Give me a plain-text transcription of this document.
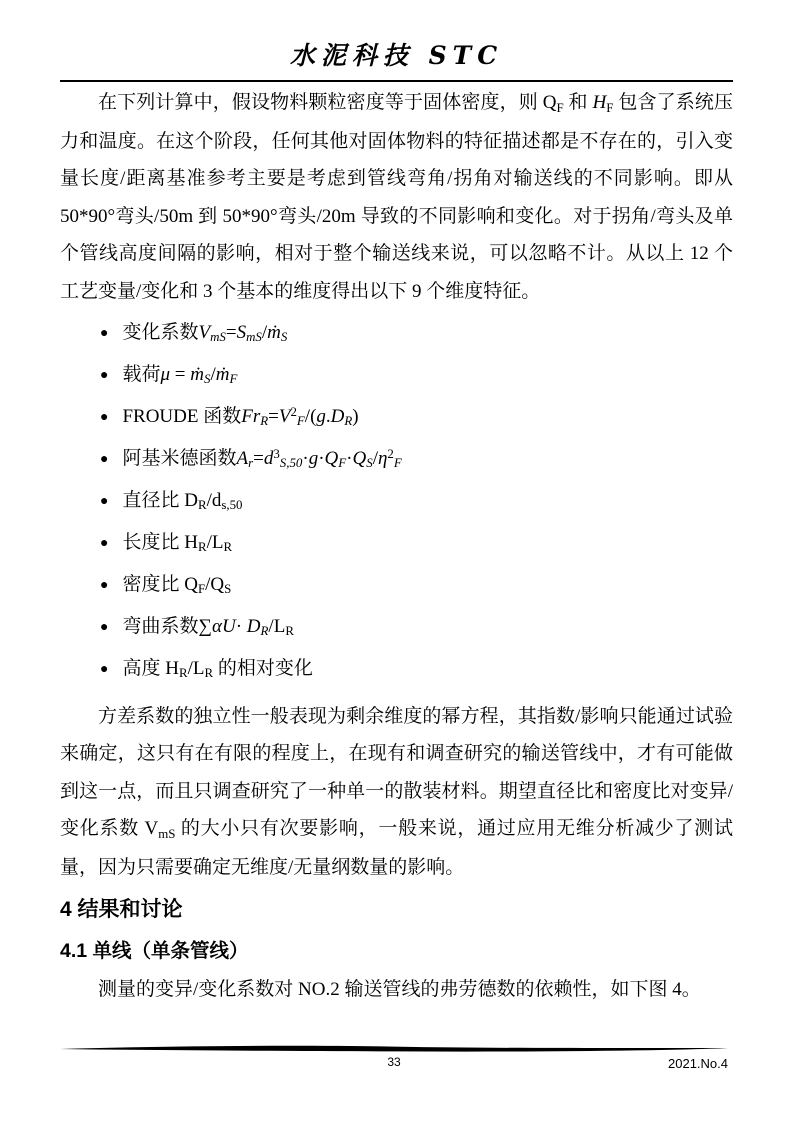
水泥科技 STC

在下列计算中，假设物料颗粒密度等于固体密度，则 QF 和 HF 包含了系统压力和温度。在这个阶段，任何其他对固体物料的特征描述都是不存在的，引入变量长度/距离基准参考主要是考虑到管线弯角/拐角对输送线的不同影响。即从 50*90°弯头/50m 到 50*90°弯头/20m 导致的不同影响和变化。对于拐角/弯头及单个管线高度间隔的影响，相对于整个输送线来说，可以忽略不计。从以上 12 个工艺变量/变化和 3 个基本的维度得出以下 9 个维度特征。

● 变化系数VmS=SmS/ṁS
● 载荷μ = ṁS/ṁF
● FROUDE 函数$FrR=V^2F/(g.DR)$
● 阿基米德函数$Ar=d^3S,50\cdot g\cdot QF\cdot QS/\eta^2F$
● 直径比 DR/ds,50
● 长度比 HR/LR
● 密度比 QF/QS
● 弯曲系数∑αU· DR/LR
● 高度 HR/LR 的相对变化

方差系数的独立性一般表现为剩余维度的幂方程，其指数/影响只能通过试验来确定，这只有在有限的程度上，在现有和调查研究的输送管线中，才有可能做到这一点，而且只调查研究了一种单一的散装材料。期望直径比和密度比对变异/变化系数 VmS 的大小只有次要影响，一般来说，通过应用无维分析减少了测试量，因为只需要确定无维度/无量纲数量的影响。

4 结果和讨论
4.1 单线（单条管线）

测量的变异/变化系数对 NO.2 输送管线的弗劳德数的依赖性，如下图 4。

33	2021.No.4
